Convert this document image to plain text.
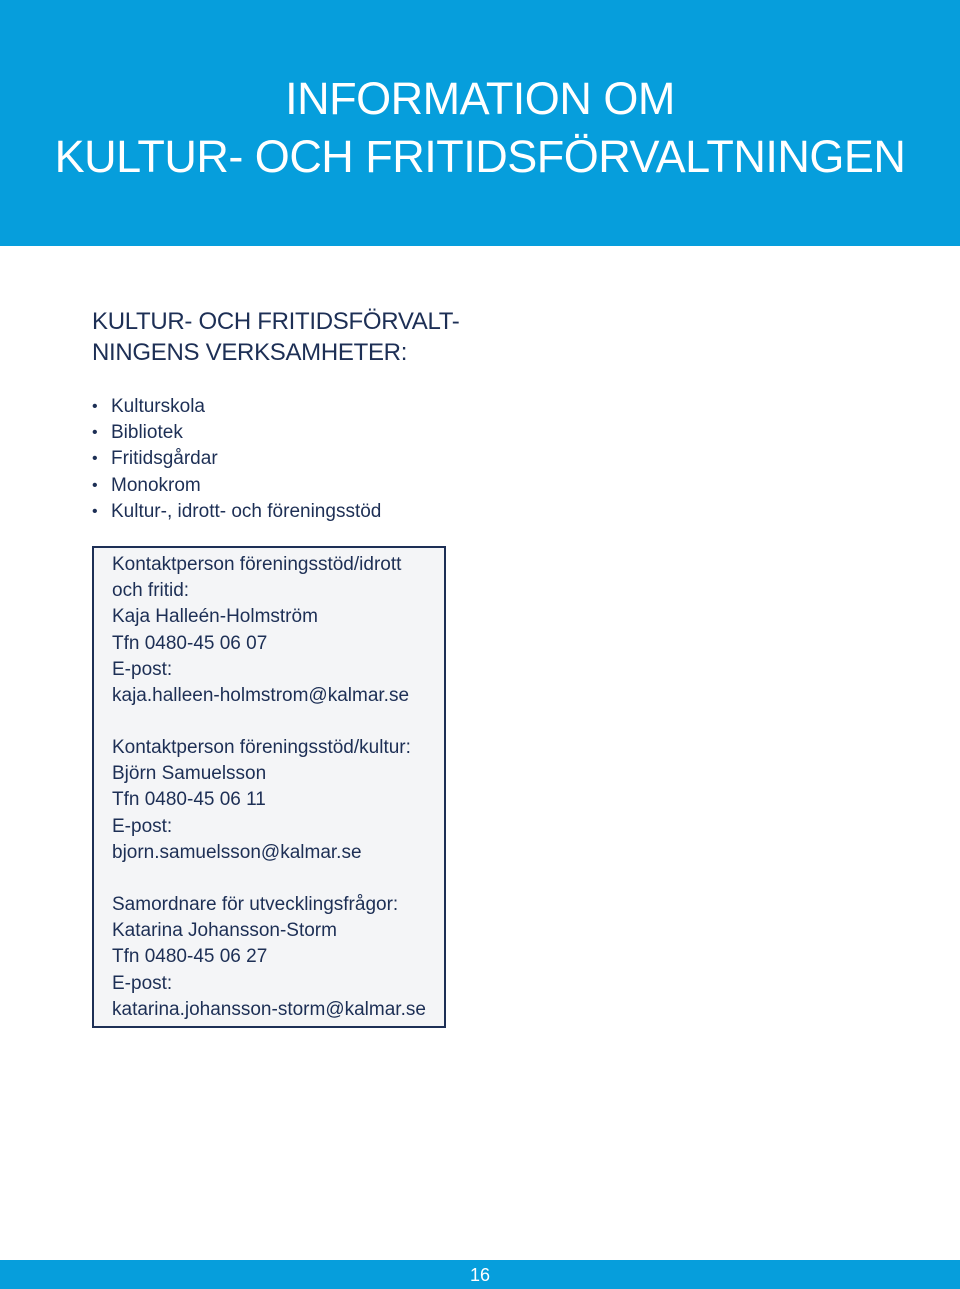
INFORMATION OM
KULTUR- OCH FRITIDSFÖRVALTNINGEN
KULTUR- OCH FRITIDSFÖRVALT-
NINGENS VERKSAMHETER:
• Kulturskola
• Bibliotek
• Fritidsgårdar
• Monokrom
• Kultur-, idrott- och föreningsstöd
Kontaktperson föreningsstöd/idrott
och fritid:
Kaja Halleén-Holmström
Tfn 0480-45 06 07
E-post:
kaja.halleen-holmstrom@kalmar.se
Kontaktperson föreningsstöd/kultur:
Björn Samuelsson
Tfn 0480-45 06 11
E-post:
bjorn.samuelsson@kalmar.se
Samordnare för utvecklingsfrågor:
Katarina Johansson-Storm
Tfn 0480-45 06 27
E-post:
katarina.johansson-storm@kalmar.se
16
